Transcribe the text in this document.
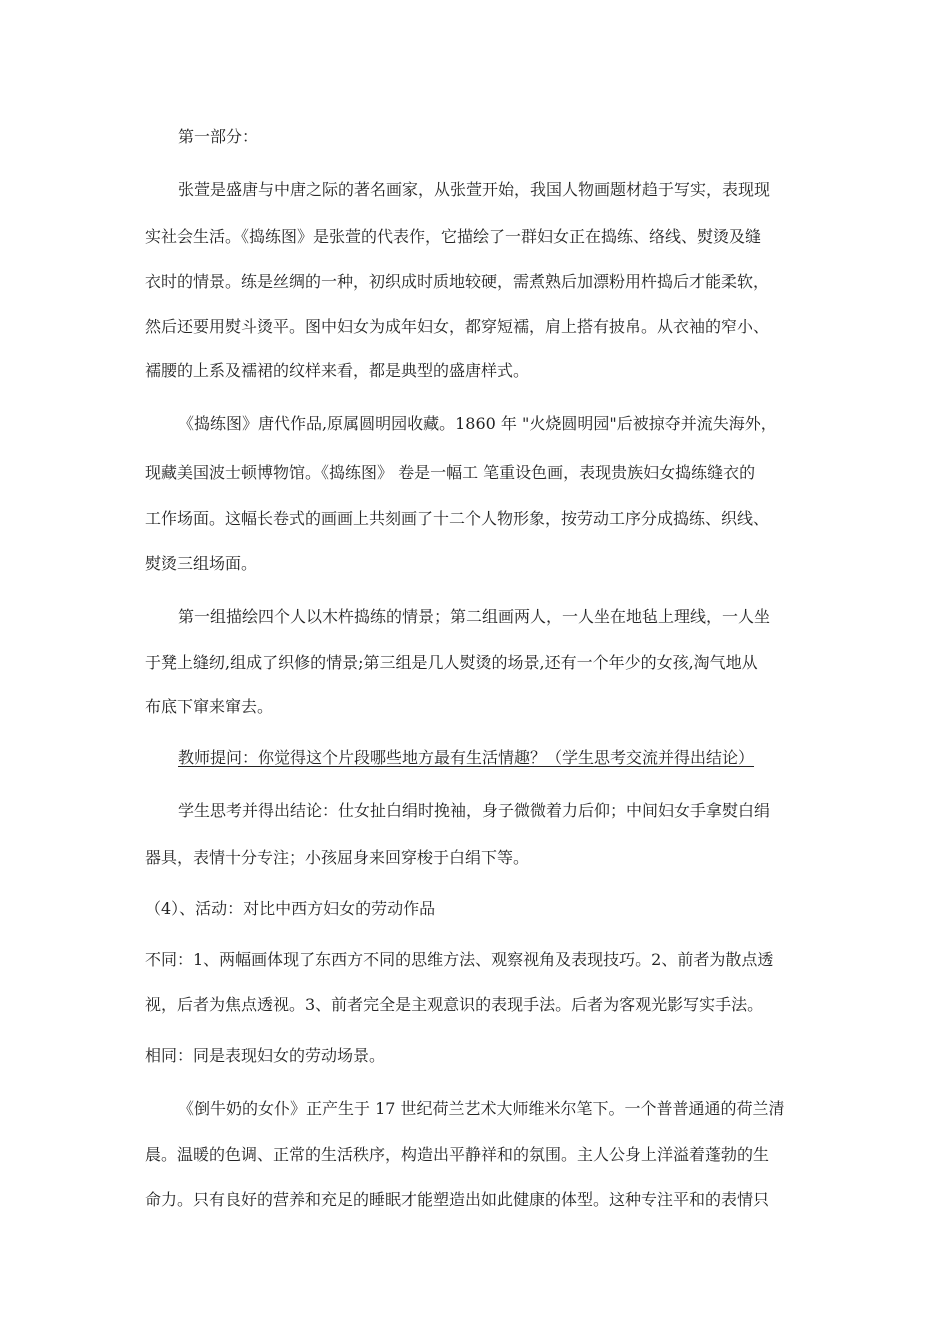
第一部分：
张萱是盛唐与中唐之际的著名画家，从张萱开始，我国人物画题材趋于写实，表现现
实社会生活。《捣练图》是张萱的代表作，它描绘了一群妇女正在捣练、络线、熨烫及缝
衣时的情景。练是丝绸的一种，初织成时质地较硬，需煮熟后加漂粉用杵捣后才能柔软，
然后还要用熨斗烫平。图中妇女为成年妇女，都穿短襦，肩上搭有披帛。从衣袖的窄小、
襦腰的上系及襦裙的纹样来看，都是典型的盛唐样式。
《捣练图》唐代作品,原属圆明园收藏。1860 年 "火烧圆明园"后被掠夺并流失海外，
现藏美国波士顿博物馆。《捣练图》 卷是一幅工 笔重设色画，表现贵族妇女捣练缝衣的
工作场面。这幅长卷式的画画上共刻画了十二个人物形象，按劳动工序分成捣练、织线、
熨烫三组场面。
第一组描绘四个人以木杵捣练的情景；第二组画两人，一人坐在地毡上理线，一人坐
于凳上缝纫,组成了织修的情景;第三组是几人熨烫的场景,还有一个年少的女孩,淘气地从
布底下窜来窜去。
教师提问：你觉得这个片段哪些地方最有生活情趣？（学生思考交流并得出结论）
学生思考并得出结论：仕女扯白绢时挽袖，身子微微着力后仰；中间妇女手拿熨白绢
器具，表情十分专注；小孩屈身来回穿梭于白绢下等。
（4）、活动：对比中西方妇女的劳动作品
不同：1、两幅画体现了东西方不同的思维方法、观察视角及表现技巧。2、前者为散点透
视，后者为焦点透视。3、前者完全是主观意识的表现手法。后者为客观光影写实手法。
相同：同是表现妇女的劳动场景。
《倒牛奶的女仆》正产生于 17 世纪荷兰艺术大师维米尔笔下。一个普普通通的荷兰清
晨。温暖的色调、正常的生活秩序，构造出平静祥和的氛围。主人公身上洋溢着蓬勃的生
命力。只有良好的营养和充足的睡眠才能塑造出如此健康的体型。这种专注平和的表情只
